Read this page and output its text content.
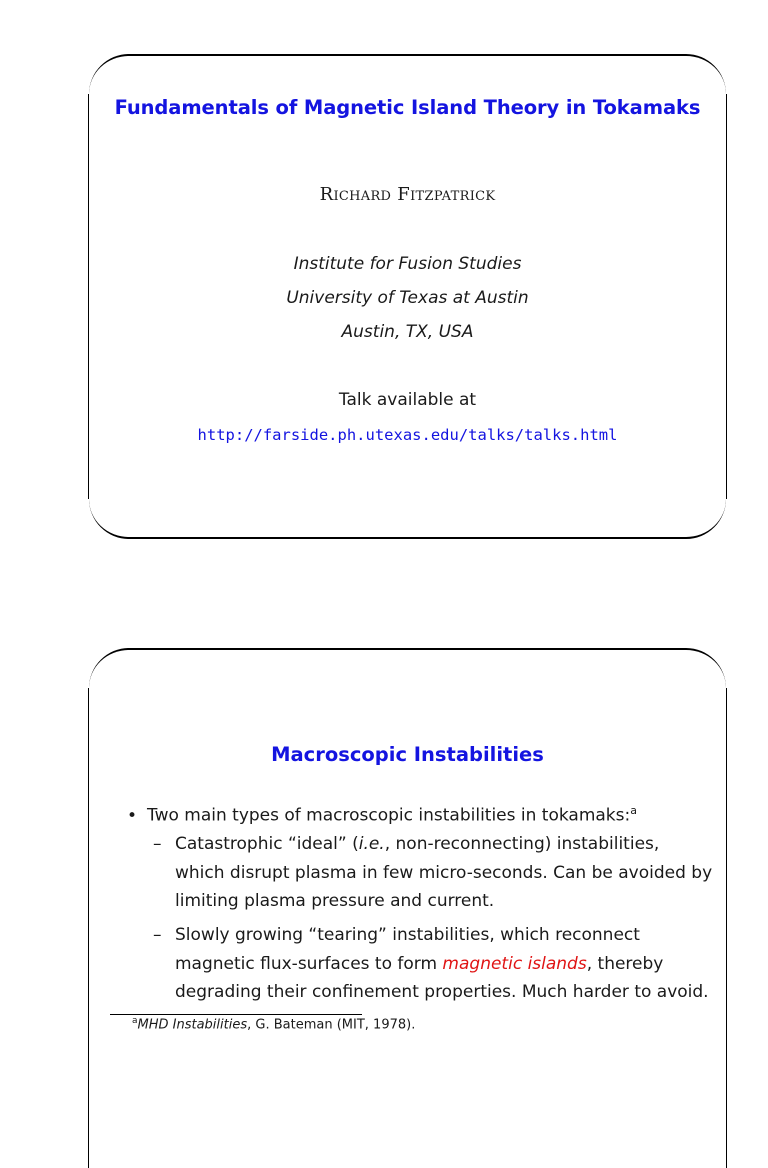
Fundamentals of Magnetic Island Theory in Tokamaks
Richard Fitzpatrick
Institute for Fusion Studies
University of Texas at Austin
Austin, TX, USA
Talk available at
http://farside.ph.utexas.edu/talks/talks.html
Macroscopic Instabilities
• Two main types of macroscopic instabilities in tokamaks:$^a$
– Catastrophic “ideal” (i.e., non-reconnecting) instabilities, which disrupt plasma in few micro-seconds. Can be avoided by limiting plasma pressure and current.
– Slowly growing “tearing” instabilities, which reconnect magnetic flux-surfaces to form magnetic islands, thereby degrading their confinement properties. Much harder to avoid.
$^a$MHD Instabilities, G. Bateman (MIT, 1978).
